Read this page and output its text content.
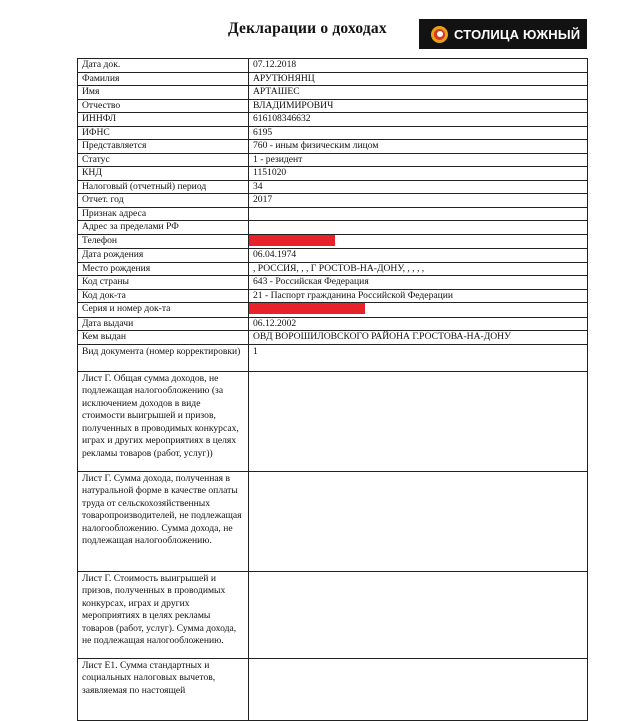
Декларации о доходах	СТОЛИЦА ЮЖНЫЙ
Дата док.	07.12.2018
Фамилия	АРУТЮНЯНЦ
Имя	АРТАШЕС
Отчество	ВЛАДИМИРОВИЧ
ИННФЛ	616108346632
ИФНС	6195
Представляется	760 - иным физическим лицом
Статус	1 - резидент
КНД	1151020
Налоговый (отчетный) период	34
Отчет. год	2017
Признак адреса	
Адрес за пределами РФ	
Телефон	
Дата рождения	06.04.1974
Место рождения	, РОССИЯ, , , Г РОСТОВ-НА-ДОНУ, , , , ,
Код страны	643 - Российская Федерация
Код док-та	21 - Паспорт гражданина Российской Федерации
Серия и номер док-та	
Дата выдачи	06.12.2002
Кем выдан	ОВД ВОРОШИЛОВСКОГО РАЙОНА Г.РОСТОВА-НА-ДОНУ
Вид документа (номер корректировки)	1
Лист Г. Общая сумма доходов, не подлежащая налогообложению (за исключением доходов в виде стоимости выигрышей и призов, полученных в проводимых конкурсах, играх и других мероприятиях в целях рекламы товаров (работ, услуг))	
Лист Г. Сумма дохода, полученная в натуральной форме в качестве оплаты труда от сельскохозяйственных товаропроизводителей, не подлежащая налогообложению. Сумма дохода, не подлежащая налогообложению.	
Лист Г. Стоимость выигрышей и призов, полученных в проводимых конкурсах, играх и других мероприятиях в целях рекламы товаров (работ, услуг). Сумма дохода, не подлежащая налогообложению.	
Лист Е1. Сумма стандартных и социальных налоговых вычетов, заявляемая по настоящей	
